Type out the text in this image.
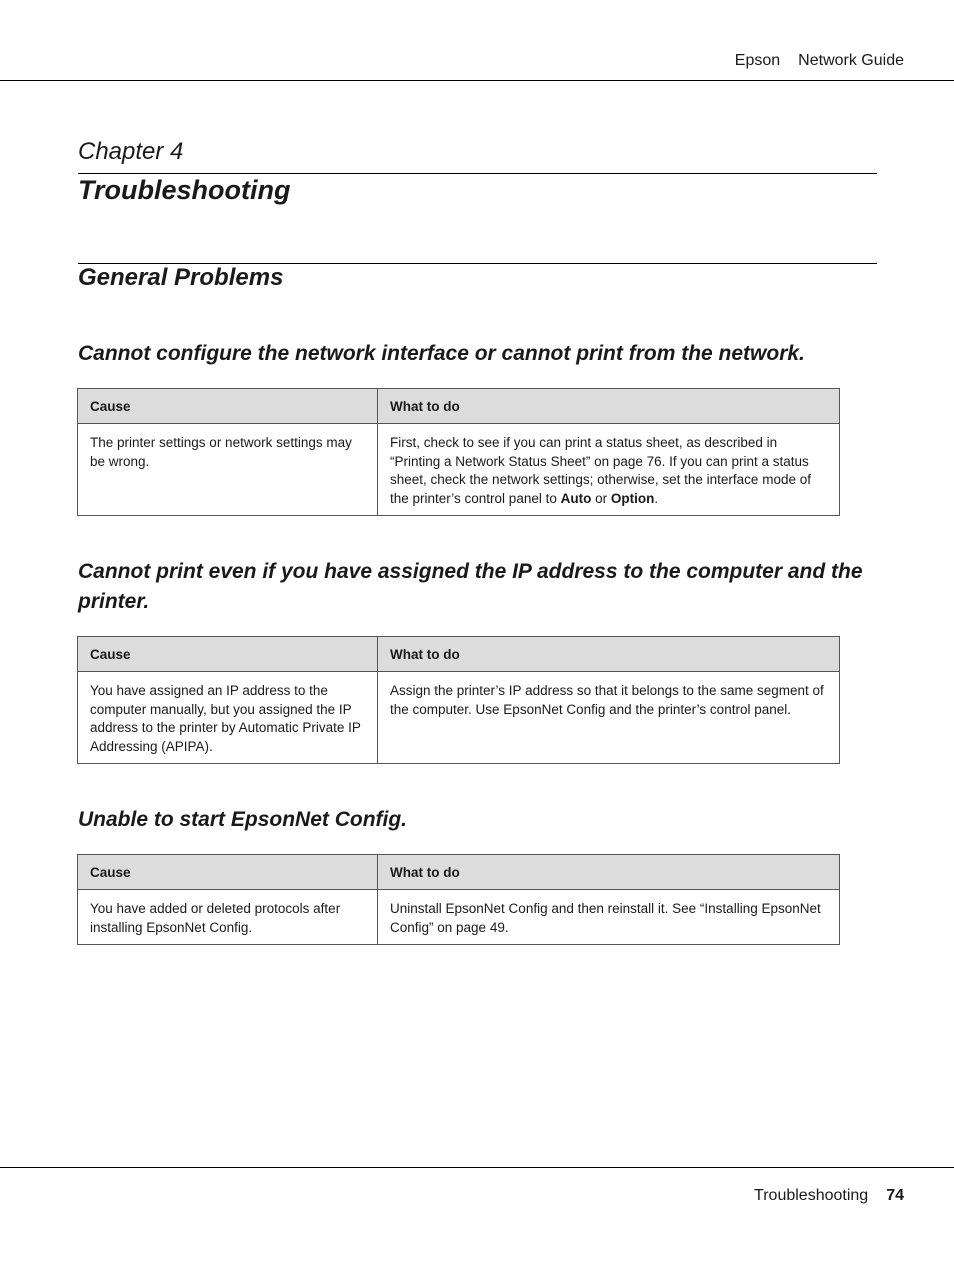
Epson Network Guide
Chapter 4
Troubleshooting
General Problems
Cannot configure the network interface or cannot print from the network.
Cause	What to do
The printer settings or network settings may be wrong.	First, check to see if you can print a status sheet, as described in “Printing a Network Status Sheet” on page 76. If you can print a status sheet, check the network settings; otherwise, set the interface mode of the printer’s control panel to Auto or Option.
Cannot print even if you have assigned the IP address to the computer and the printer.
Cause	What to do
You have assigned an IP address to the computer manually, but you assigned the IP address to the printer by Automatic Private IP Addressing (APIPA).	Assign the printer’s IP address so that it belongs to the same segment of the computer. Use EpsonNet Config and the printer’s control panel.
Unable to start EpsonNet Config.
Cause	What to do
You have added or deleted protocols after installing EpsonNet Config.	Uninstall EpsonNet Config and then reinstall it. See “Installing EpsonNet Config” on page 49.
Troubleshooting 74
